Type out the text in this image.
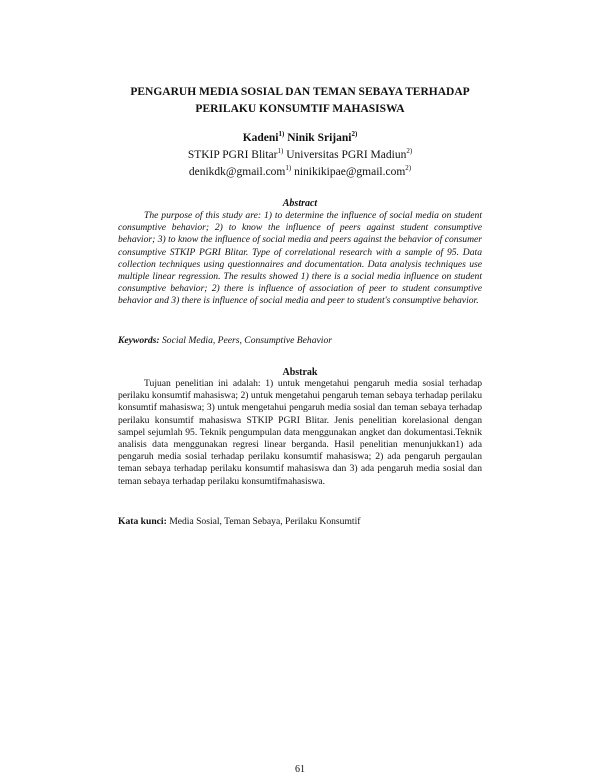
PENGARUH MEDIA SOSIAL DAN TEMAN SEBAYA TERHADAP
PERILAKU KONSUMTIF MAHASISWA
Kadeni$^{1)}$ Ninik Srijani$^{2)}$
STKIP PGRI Blitar$^{1)}$ Universitas PGRI Madiun$^{2)}$
denikdk@gmail.com$^{1)}$ ninikikipae@gmail.com$^{2)}$
Abstract

The purpose of this study are: 1) to determine the influence of social media on student consumptive behavior; 2) to know the influence of peers against student consumptive behavior; 3) to know the influence of social media and peers against the behavior of consumer consumptive STKIP PGRI Blitar. Type of correlational research with a sample of 95. Data collection techniques using questionnaires and documentation. Data analysis techniques use multiple linear regression. The results showed 1) there is a social media influence on student consumptive behavior; 2) there is influence of association of peer to student consumptive behavior and 3) there is influence of social media and peer to student's consumptive behavior.

Keywords: Social Media, Peers, Consumptive Behavior
Abstrak

Tujuan penelitian ini adalah: 1) untuk mengetahui pengaruh media sosial terhadap perilaku konsumtif mahasiswa; 2) untuk mengetahui pengaruh teman sebaya terhadap perilaku konsumtif mahasiswa; 3) untuk mengetahui pengaruh media sosial dan teman sebaya terhadap perilaku konsumtif mahasiswa STKIP PGRI Blitar. Jenis penelitian korelasional dengan sampel sejumlah 95. Teknik pengumpulan data menggunakan angket dan dokumentasi.Teknik analisis data menggunakan regresi linear berganda. Hasil penelitian menunjukkan1) ada pengaruh media sosial terhadap perilaku konsumtif mahasiswa; 2) ada pengaruh pergaulan teman sebaya terhadap perilaku konsumtif mahasiswa dan 3) ada pengaruh media sosial dan teman sebaya terhadap perilaku konsumtifmahasiswa.

Kata kunci: Media Sosial, Teman Sebaya, Perilaku Konsumtif
61
